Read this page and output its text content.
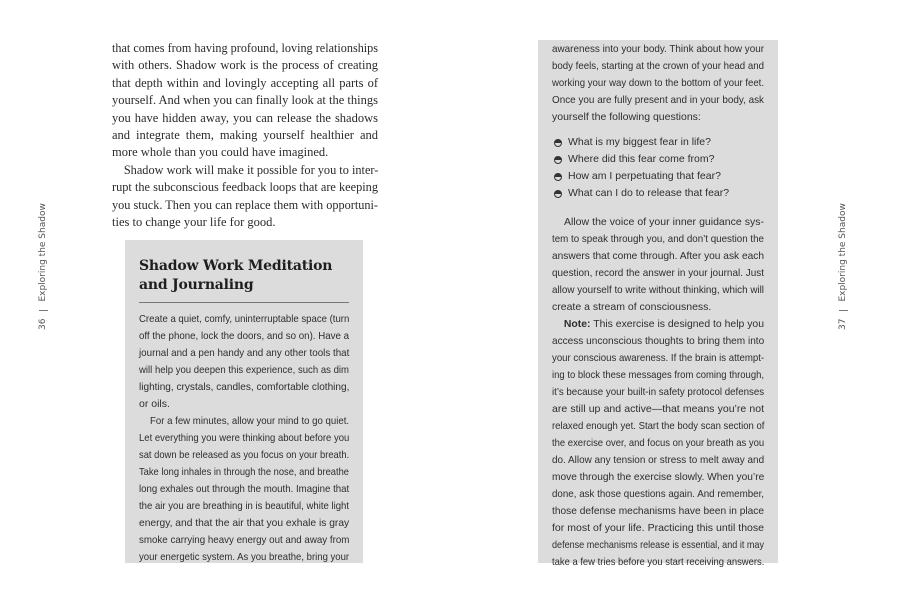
36
Exploring the Shadow
that comes from having profound, loving relationships
with others. Shadow work is the process of creating
that depth within and lovingly accepting all parts of
yourself. And when you can finally look at the things
you have hidden away, you can release the shadows
and integrate them, making yourself healthier and
more whole than you could have imagined.
Shadow work will make it possible for you to inter-
rupt the subconscious feedback loops that are keeping
you stuck. Then you can replace them with opportuni-
ties to change your life for good.
Shadow Work Meditation
and Journaling
Create a quiet, comfy, uninterruptable space (turn
off the phone, lock the doors, and so on). Have a
journal and a pen handy and any other tools that
will help you deepen this experience, such as dim
lighting, crystals, candles, comfortable clothing,
or oils.
For a few minutes, allow your mind to go quiet.
Let everything you were thinking about before you
sat down be released as you focus on your breath.
Take long inhales in through the nose, and breathe
long exhales out through the mouth. Imagine that
the air you are breathing in is beautiful, white light
energy, and that the air that you exhale is gray
smoke carrying heavy energy out and away from
your energetic system. As you breathe, bring your
37
Exploring the Shadow
awareness into your body. Think about how your
body feels, starting at the crown of your head and
working your way down to the bottom of your feet.
Once you are fully present and in your body, ask
yourself the following questions:
What is my biggest fear in life?
Where did this fear come from?
How am I perpetuating that fear?
What can I do to release that fear?
Allow the voice of your inner guidance sys-
tem to speak through you, and don’t question the
answers that come through. After you ask each
question, record the answer in your journal. Just
allow yourself to write without thinking, which will
create a stream of consciousness.
Note: This exercise is designed to help you
access unconscious thoughts to bring them into
your conscious awareness. If the brain is attempt-
ing to block these messages from coming through,
it’s because your built-in safety protocol defenses
are still up and active—that means you’re not
relaxed enough yet. Start the body scan section of
the exercise over, and focus on your breath as you
do. Allow any tension or stress to melt away and
move through the exercise slowly. When you’re
done, ask those questions again. And remember,
those defense mechanisms have been in place
for most of your life. Practicing this until those
defense mechanisms release is essential, and it may
take a few tries before you start receiving answers.
